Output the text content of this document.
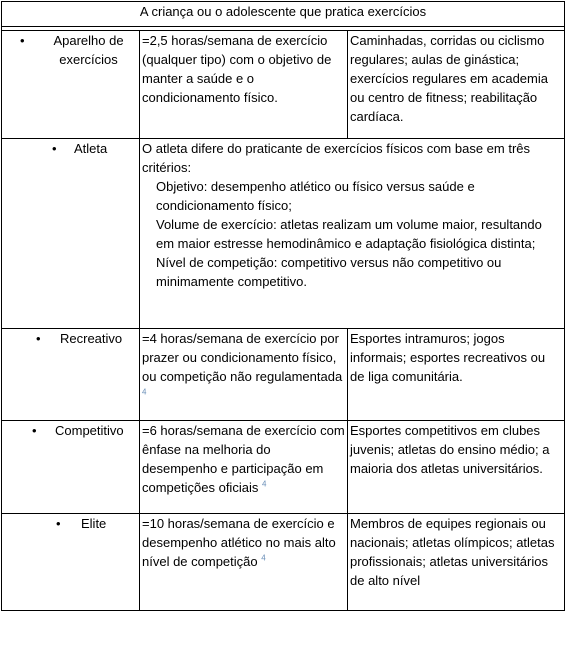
A criança ou o adolescente que pratica exercícios		

• Aparelho de exercícios	=2,5 horas/semana de exercício (qualquer tipo) com o objetivo de manter a saúde e o condicionamento físico.	Caminhadas, corridas ou ciclismo regulares; aulas de ginástica; exercícios regulares em academia ou centro de fitness; reabilitação cardíaca.

• Atleta	O atleta difere do praticante de exercícios físicos com base em três critérios:
Objetivo: desempenho atlético ou físico versus saúde e condicionamento físico;
Volume de exercício: atletas realizam um volume maior, resultando em maior estresse hemodinâmico e adaptação fisiológica distinta;
Nível de competição: competitivo versus não competitivo ou minimamente competitivo.	

• Recreativo	=4 horas/semana de exercício por prazer ou condicionamento físico, ou competição não regulamentada $^4$	Esportes intramuros; jogos informais; esportes recreativos ou de liga comunitária.

• Competitivo	=6 horas/semana de exercício com ênfase na melhoria do desempenho e participação em competições oficiais $^4$	Esportes competitivos em clubes juvenis; atletas do ensino médio; a maioria dos atletas universitários.

• Elite	=10 horas/semana de exercício e desempenho atlético no mais alto nível de competição $^4$	Membros de equipes regionais ou nacionais; atletas olímpicos; atletas profissionais; atletas universitários de alto nível
